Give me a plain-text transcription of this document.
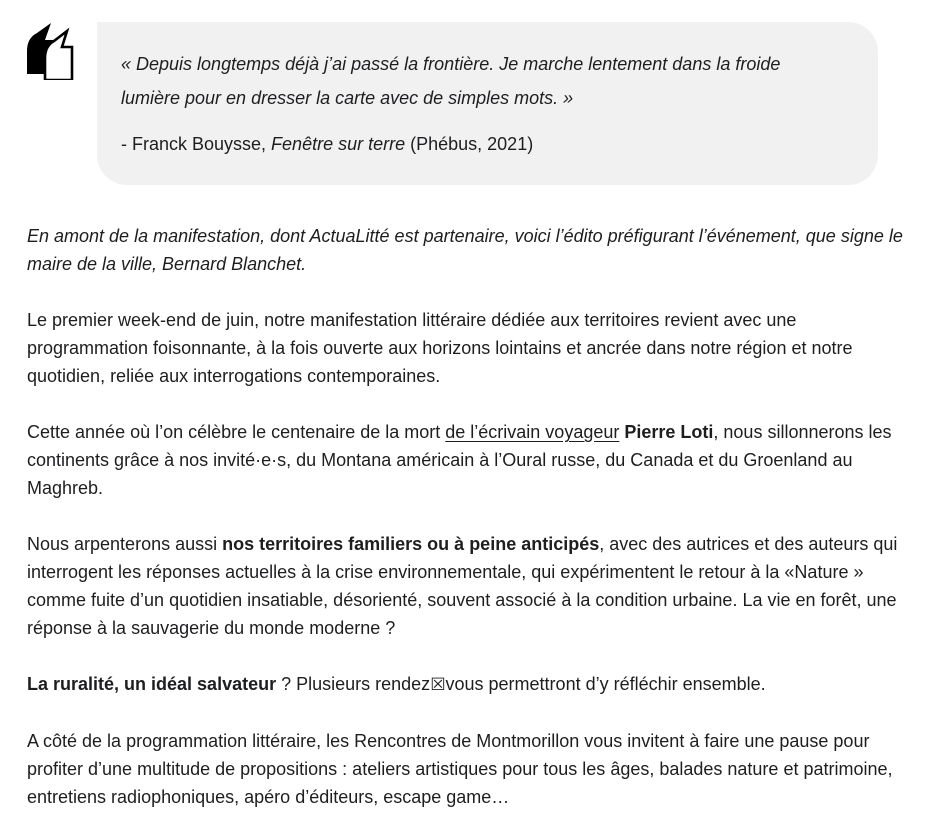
« Depuis longtemps déjà j’ai passé la frontière. Je marche lentement dans la froide lumière pour en dresser la carte avec de simples mots. »

- Franck Bouysse, Fenêtre sur terre (Phébus, 2021)

En amont de la manifestation, dont ActuaLitté est partenaire, voici l’édito préfigurant l’événement, que signe le maire de la ville, Bernard Blanchet.

Le premier week-end de juin, notre manifestation littéraire dédiée aux territoires revient avec une programmation foisonnante, à la fois ouverte aux horizons lointains et ancrée dans notre région et notre quotidien, reliée aux interrogations contemporaines.

Cette année où l’on célèbre le centenaire de la mort de l’écrivain voyageur Pierre Loti, nous sillonnerons les continents grâce à nos invité·e·s, du Montana américain à l’Oural russe, du Canada et du Groenland au Maghreb.

Nous arpenterons aussi nos territoires familiers ou à peine anticipés, avec des autrices et des auteurs qui interrogent les réponses actuelles à la crise environnementale, qui expérimentent le retour à la «Nature » comme fuite d’un quotidien insatiable, désorienté, souvent associé à la condition urbaine. La vie en forêt, une réponse à la sauvagerie du monde moderne ?

La ruralité, un idéal salvateur ? Plusieurs rendez☒vous permettront d’y réfléchir ensemble.

A côté de la programmation littéraire, les Rencontres de Montmorillon vous invitent à faire une pause pour profiter d’une multitude de propositions : ateliers artistiques pour tous les âges, balades nature et patrimoine, entretiens radiophoniques, apéro d’éditeurs, escape game…
